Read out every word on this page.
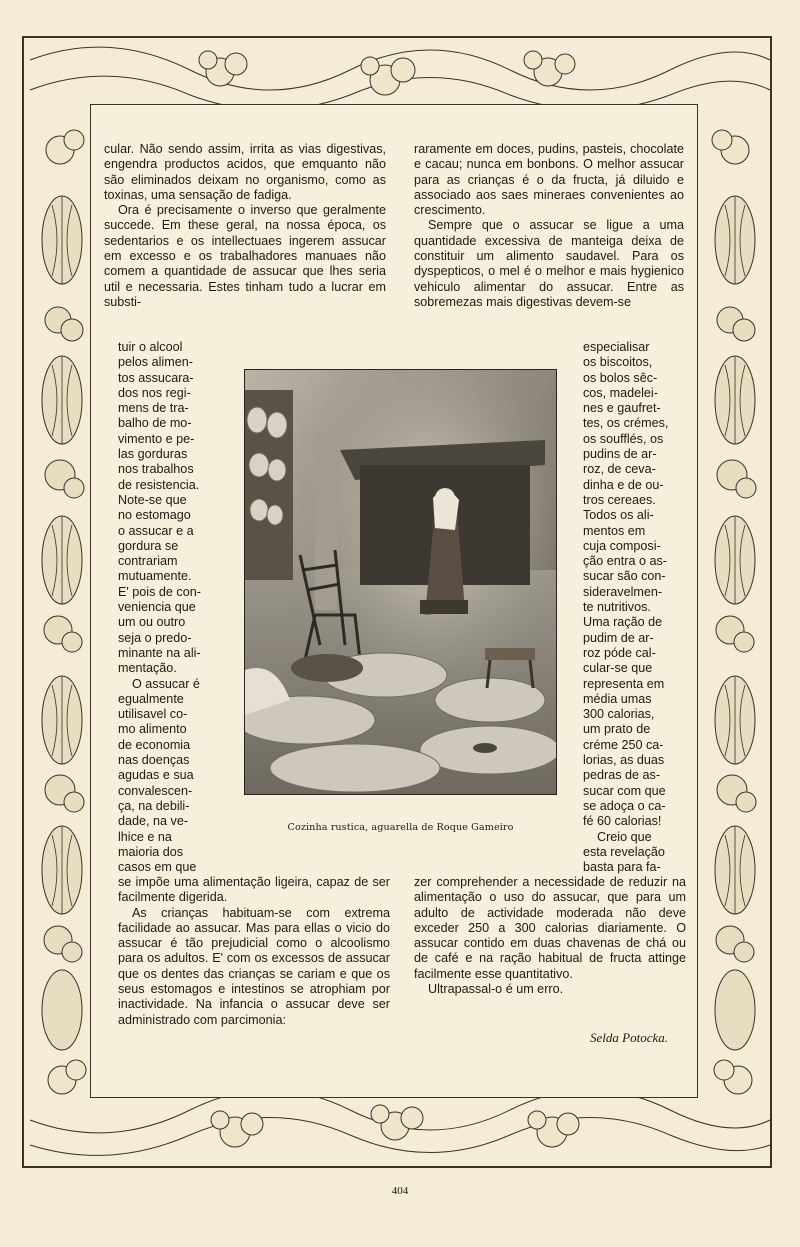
cular. Não sendo assim, irrita as vias digestivas, engendra productos acidos, que emquanto não são eliminados deixam no organismo, como as toxinas, uma sensação de fadiga.

Ora é precisamente o inverso que geralmente succede. Em these geral, na nossa época, os sedentarios e os intellectuaes ingerem assucar em excesso e os trabalhadores manuaes não comem a quantidade de assucar que lhes seria util e necessaria. Estes tinham tudo a lucrar em substi-

tuir o alcool
pelos alimen-
tos assucara-
dos nos regi-
mens de tra-
balho de mo-
vimento e pe-
las gorduras
nos trabalhos
de resistencia.
Note-se que
no estomago
o assucar e a
gordura se
contrariam
mutuamente.
E' pois de con-
veniencia que
um ou outro
seja o predo-
minante na ali-
mentação.
O assucar é
egualmente
utilisavel co-
mo alimento
de economia
nas doenças
agudas e sua
convalescen-
ça, na debili-
dade, na ve-
lhice e na
maioria dos
casos em que

se impõe uma alimentação ligeira, capaz de ser facilmente digerida.

As crianças habituam-se com extrema facilidade ao assucar. Mas para ellas o vicio do assucar é tão prejudicial como o alcoolismo para os adultos. E' com os excessos de assucar que os dentes das crianças se cariam e que os seus estomagos e intestinos se atrophiam por inactividade. Na infancia o assucar deve ser administrado com parcimonia:

raramente em doces, pudins, pasteis, chocolate e cacau; nunca em bonbons. O melhor assucar para as crianças é o da fructa, já diluido e associado aos saes mineraes convenientes ao crescimento.

Sempre que o assucar se ligue a uma quantidade excessiva de manteiga deixa de constituir um alimento saudavel. Para os dyspepticos, o mel é o melhor e mais hygienico vehiculo alimentar do assucar. Entre as sobremezas mais digestivas devem-se

especialisar
os biscoitos,
os bolos sêc-
cos, madelei-
nes e gaufret-
tes, os crémes,
os soufflés, os
pudins de ar-
roz, de ceva-
dinha e de ou-
tros cereaes.
Todos os ali-
mentos em
cuja composi-
ção entra o as-
sucar são con-
sideravelmen-
te nutritivos.
Uma ração de
pudim de ar-
roz póde cal-
cular-se que
representa em
média umas
300 calorias,
um prato de
créme 250 ca-
lorias, as duas
pedras de as-
sucar com que
se adoça o ca-
fé 60 calorias!
Creio que
esta revelação
basta para fa-

zer comprehender a necessidade de reduzir na alimentação o uso do assucar, que para um adulto de actividade moderada não deve exceder 250 a 300 calorias diariamente. O assucar contido em duas chavenas de chá ou de café e na ração habitual de fructa attinge facilmente esse quantitativo.

Ultrapassal-o é um erro.

Cozinha rustica, aguarella de Roque Gameiro
Selda Potocka.
404
